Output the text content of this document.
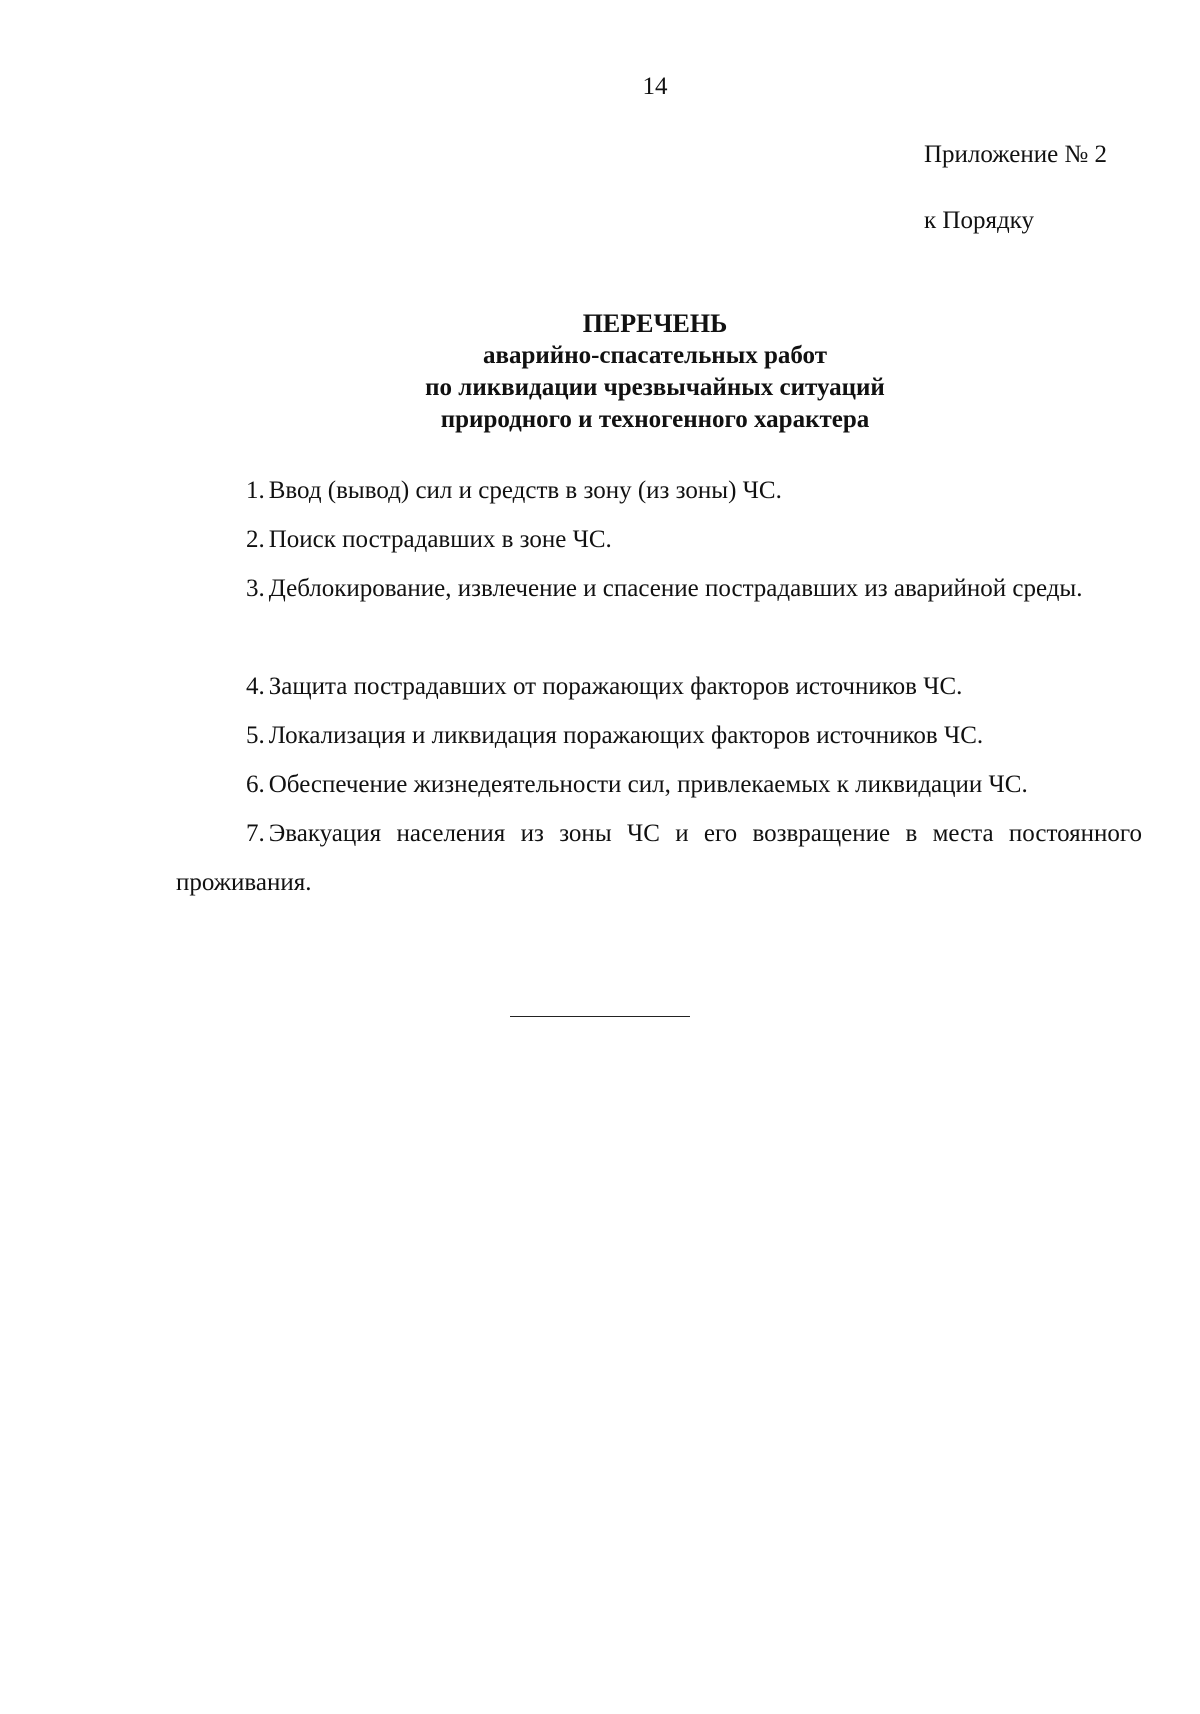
14
Приложение № 2
к Порядку
ПЕРЕЧЕНЬ
аварийно-спасательных работ
по ликвидации чрезвычайных ситуаций
природного и техногенного характера
1. Ввод (вывод) сил и средств в зону (из зоны) ЧС.
2. Поиск пострадавших в зоне ЧС.
3. Деблокирование, извлечение и спасение пострадавших из аварийной среды.
4. Защита пострадавших от поражающих факторов источников ЧС.
5. Локализация и ликвидация поражающих факторов источников ЧС.
6. Обеспечение жизнедеятельности сил, привлекаемых к ликвидации ЧС.
7. Эвакуация населения из зоны ЧС и его возвращение в места постоянного проживания.
